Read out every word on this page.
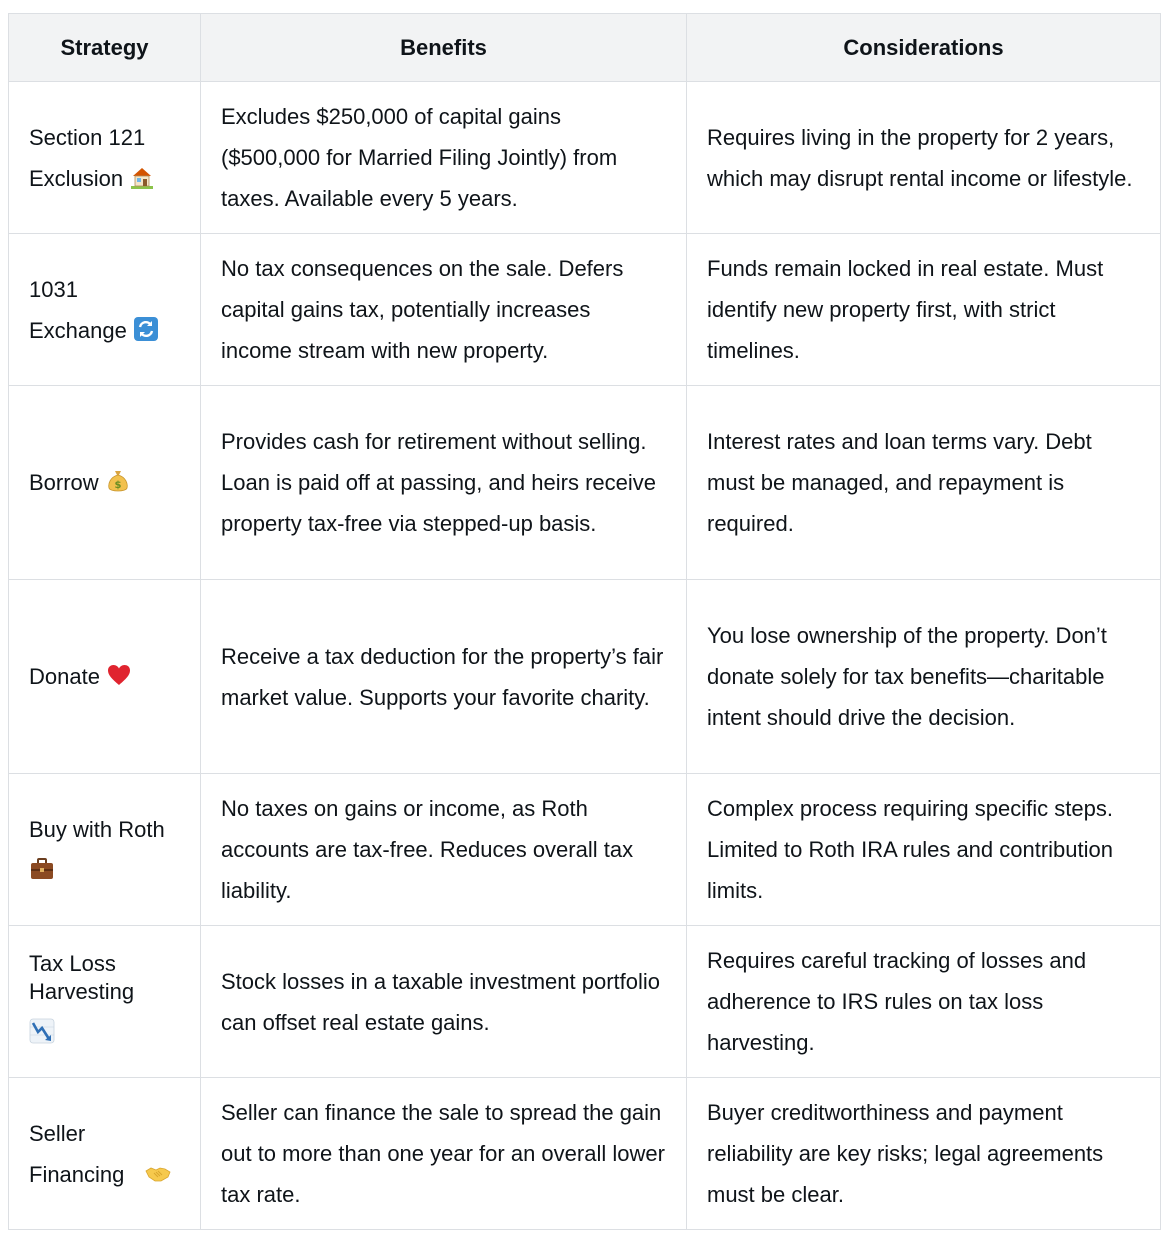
Strategy	Benefits	Considerations
Section 121 Exclusion	Excludes $250,000 of capital gains ($500,000 for Married Filing Jointly) from taxes. Available every 5 years.	Requires living in the property for 2 years, which may disrupt rental income or lifestyle.
1031 Exchange	No tax consequences on the sale. Defers capital gains tax, potentially increases income stream with new property.	Funds remain locked in real estate. Must identify new property first, with strict timelines.
Borrow $	Provides cash for retirement without selling. Loan is paid off at passing, and heirs receive property tax-free via stepped-up basis.	Interest rates and loan terms vary. Debt must be managed, and repayment is required.
Donate	Receive a tax deduction for the property’s fair market value. Supports your favorite charity.	You lose ownership of the property. Don’t donate solely for tax benefits—charitable intent should drive the decision.
Buy with Roth	No taxes on gains or income, as Roth accounts are tax-free. Reduces overall tax liability.	Complex process requiring specific steps. Limited to Roth IRA rules and contribution limits.
Tax Loss Harvesting	Stock losses in a taxable investment portfolio can offset real estate gains.	Requires careful tracking of losses and adherence to IRS rules on tax loss harvesting.
Seller Financing	Seller can finance the sale to spread the gain out to more than one year for an overall lower tax rate.	Buyer creditworthiness and payment reliability are key risks; legal agreements must be clear.
